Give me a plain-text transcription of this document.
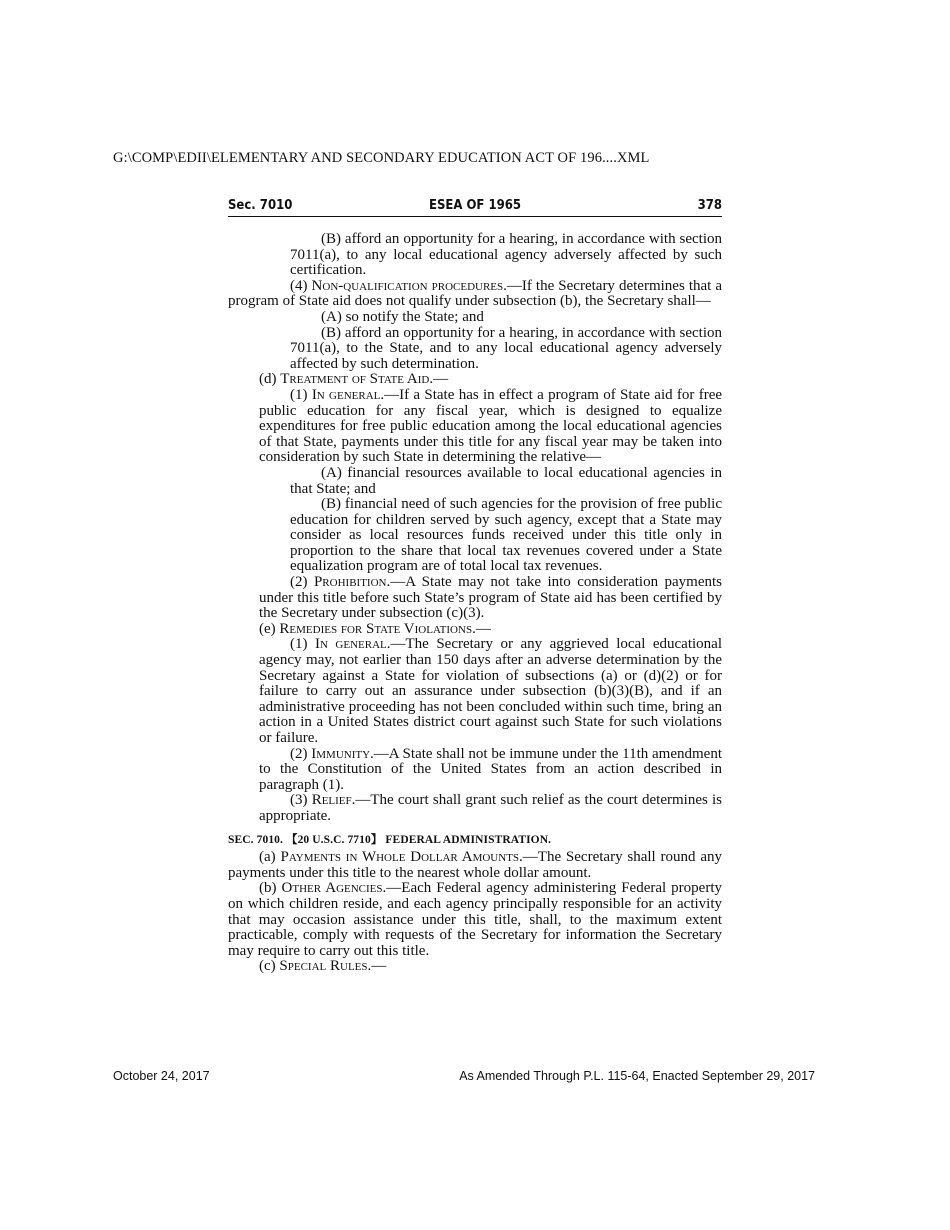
G:\COMP\EDII\ELEMENTARY AND SECONDARY EDUCATION ACT OF 196....XML
Sec. 7010	ESEA OF 1965	378

(B) afford an opportunity for a hearing, in accordance with section 7011(a), to any local educational agency adversely affected by such certification.

(4) Non-qualification procedures.—If the Secretary determines that a program of State aid does not qualify under subsection (b), the Secretary shall—

(A) so notify the State; and

(B) afford an opportunity for a hearing, in accordance with section 7011(a), to the State, and to any local educational agency adversely affected by such determination.

(d) Treatment of State Aid.—

(1) In general.—If a State has in effect a program of State aid for free public education for any fiscal year, which is designed to equalize expenditures for free public education among the local educational agencies of that State, payments under this title for any fiscal year may be taken into consideration by such State in determining the relative—

(A) financial resources available to local educational agencies in that State; and

(B) financial need of such agencies for the provision of free public education for children served by such agency, except that a State may consider as local resources funds received under this title only in proportion to the share that local tax revenues covered under a State equalization program are of total local tax revenues.

(2) Prohibition.—A State may not take into consideration payments under this title before such State’s program of State aid has been certified by the Secretary under subsection (c)(3).

(e) Remedies for State Violations.—

(1) In general.—The Secretary or any aggrieved local educational agency may, not earlier than 150 days after an adverse determination by the Secretary against a State for violation of subsections (a) or (d)(2) or for failure to carry out an assurance under subsection (b)(3)(B), and if an administrative proceeding has not been concluded within such time, bring an action in a United States district court against such State for such violations or failure.

(2) Immunity.—A State shall not be immune under the 11th amendment to the Constitution of the United States from an action described in paragraph (1).

(3) Relief.—The court shall grant such relief as the court determines is appropriate.

SEC. 7010. 【20 U.S.C. 7710】 FEDERAL ADMINISTRATION.

(a) Payments in Whole Dollar Amounts.—The Secretary shall round any payments under this title to the nearest whole dollar amount.

(b) Other Agencies.—Each Federal agency administering Federal property on which children reside, and each agency principally responsible for an activity that may occasion assistance under this title, shall, to the maximum extent practicable, comply with requests of the Secretary for information the Secretary may require to carry out this title.

(c) Special Rules.—

October 24, 2017	As Amended Through P.L. 115-64, Enacted September 29, 2017
